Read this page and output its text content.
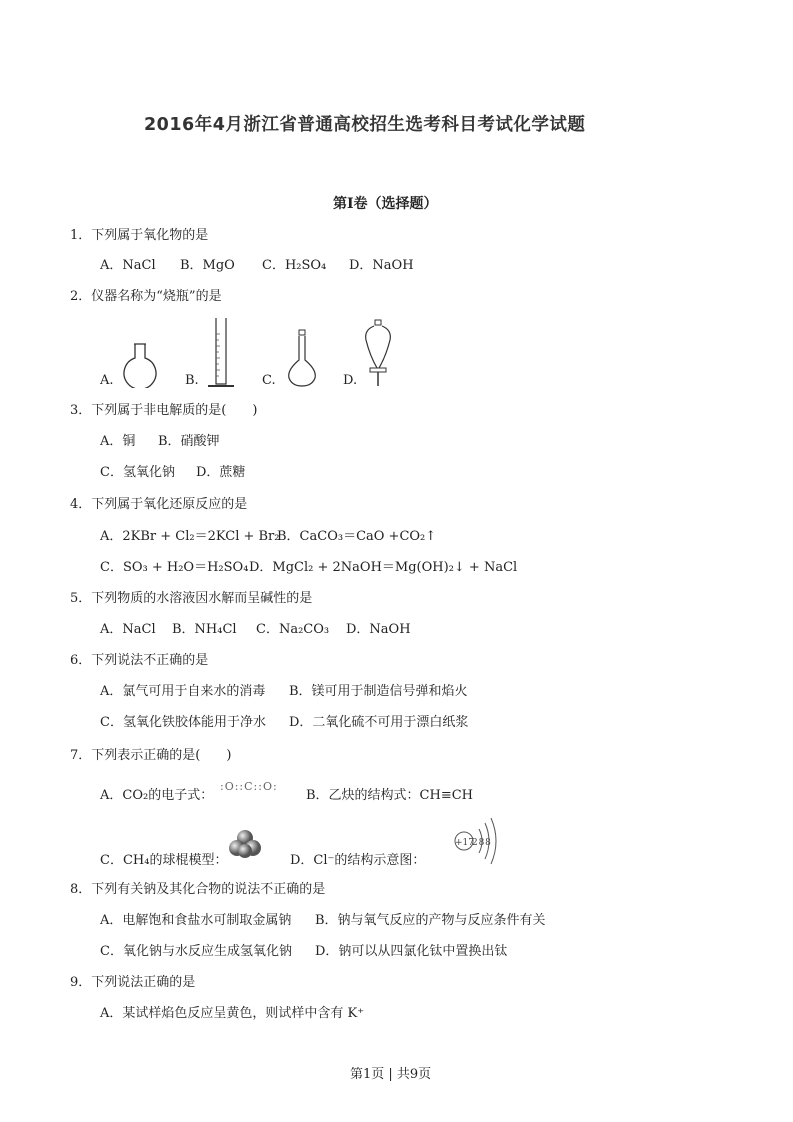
2016年4月浙江省普通高校招生选考科目考试化学试题
第I卷（选择题）
1．下列属于氧化物的是
A．NaCl B．MgO C．H₂SO₄ D．NaOH
2．仪器名称为“烧瓶”的是
A.	B.	C.	D.
3．下列属于非电解质的是(　　)
A．铜 B．硝酸钾
C．氢氧化钠 D．蔗糖
4．下列属于氧化还原反应的是
A．2KBr + Cl₂＝2KCl + Br₂
B．CaCO₃＝CaO +CO₂↑
C．SO₃ + H₂O＝H₂SO₄ D．MgCl₂ + 2NaOH＝Mg(OH)₂↓ + NaCl
5．下列物质的水溶液因水解而呈碱性的是
A．NaCl B．NH₄Cl C．Na₂CO₃ D．NaOH
6．下列说法不正确的是
A．氯气可用于自来水的消毒 B．镁可用于制造信号弹和焰火
C．氢氧化铁胶体能用于净水 D．二氧化硫不可用于漂白纸浆
7．下列表示正确的是(　　)
A．CO₂的电子式：
:O::C::O:
B．乙炔的结构式：CH≡CH
C．CH₄的球棍模型：	D．Cl⁻的结构示意图：
+17
2 8 8
8．下列有关钠及其化合物的说法不正确的是
A．电解饱和食盐水可制取金属钠 B．钠与氧气反应的产物与反应条件有关
C．氧化钠与水反应生成氢氧化钠 D．钠可以从四氯化钛中置换出钛
9．下列说法正确的是
A．某试样焰色反应呈黄色，则试样中含有 K⁺
第1页 | 共9页
